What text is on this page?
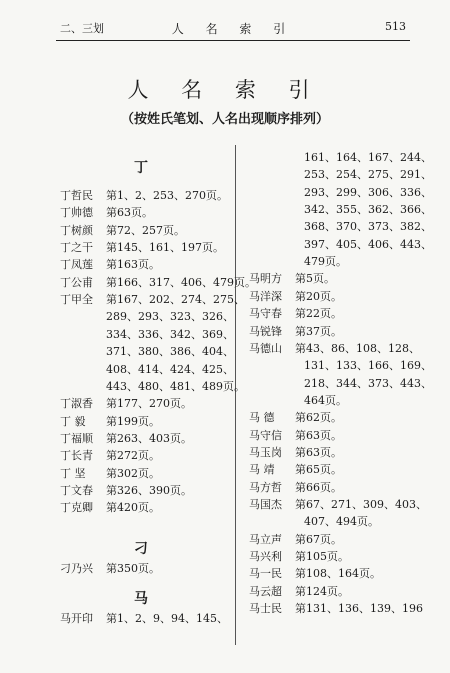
二、三划	人 名 索 引	513
人 名 索 引
（按姓氏笔划、人名出现顺序排列）
丁
丁哲民 第1、2、253、270页。
丁帅德 第63页。
丁树颜 第72、257页。
丁之干 第145、161、197页。
丁凤莲 第163页。
丁公甫 第166、317、406、479页。
丁甲全 第167、202、274、275、
289、293、323、326、
334、336、342、369、
371、380、386、404、
408、414、424、425、
443、480、481、489页。
丁淑香 第177、270页。
丁 毅 第199页。
丁福顺 第263、403页。
丁长青 第272页。
丁 坚 第302页。
丁文春 第326、390页。
丁克卿 第420页。
刁
刁乃兴 第350页。
马
马开印 第1、2、9、94、145、
161、164、167、244、
253、254、275、291、
293、299、306、336、
342、355、362、366、
368、370、373、382、
397、405、406、443、
479页。
马明方 第5页。
马洋深 第20页。
马守春 第22页。
马锐锋 第37页。
马德山 第43、86、108、128、
131、133、166、169、
218、344、373、443、
464页。
马 德 第62页。
马守信 第63页。
马玉岗 第63页。
马 靖 第65页。
马方哲 第66页。
马国杰 第67、271、309、403、
407、494页。
马立声 第67页。
马兴利 第105页。
马一民 第108、164页。
马云超 第124页。
马士民 第131、136、139、196
